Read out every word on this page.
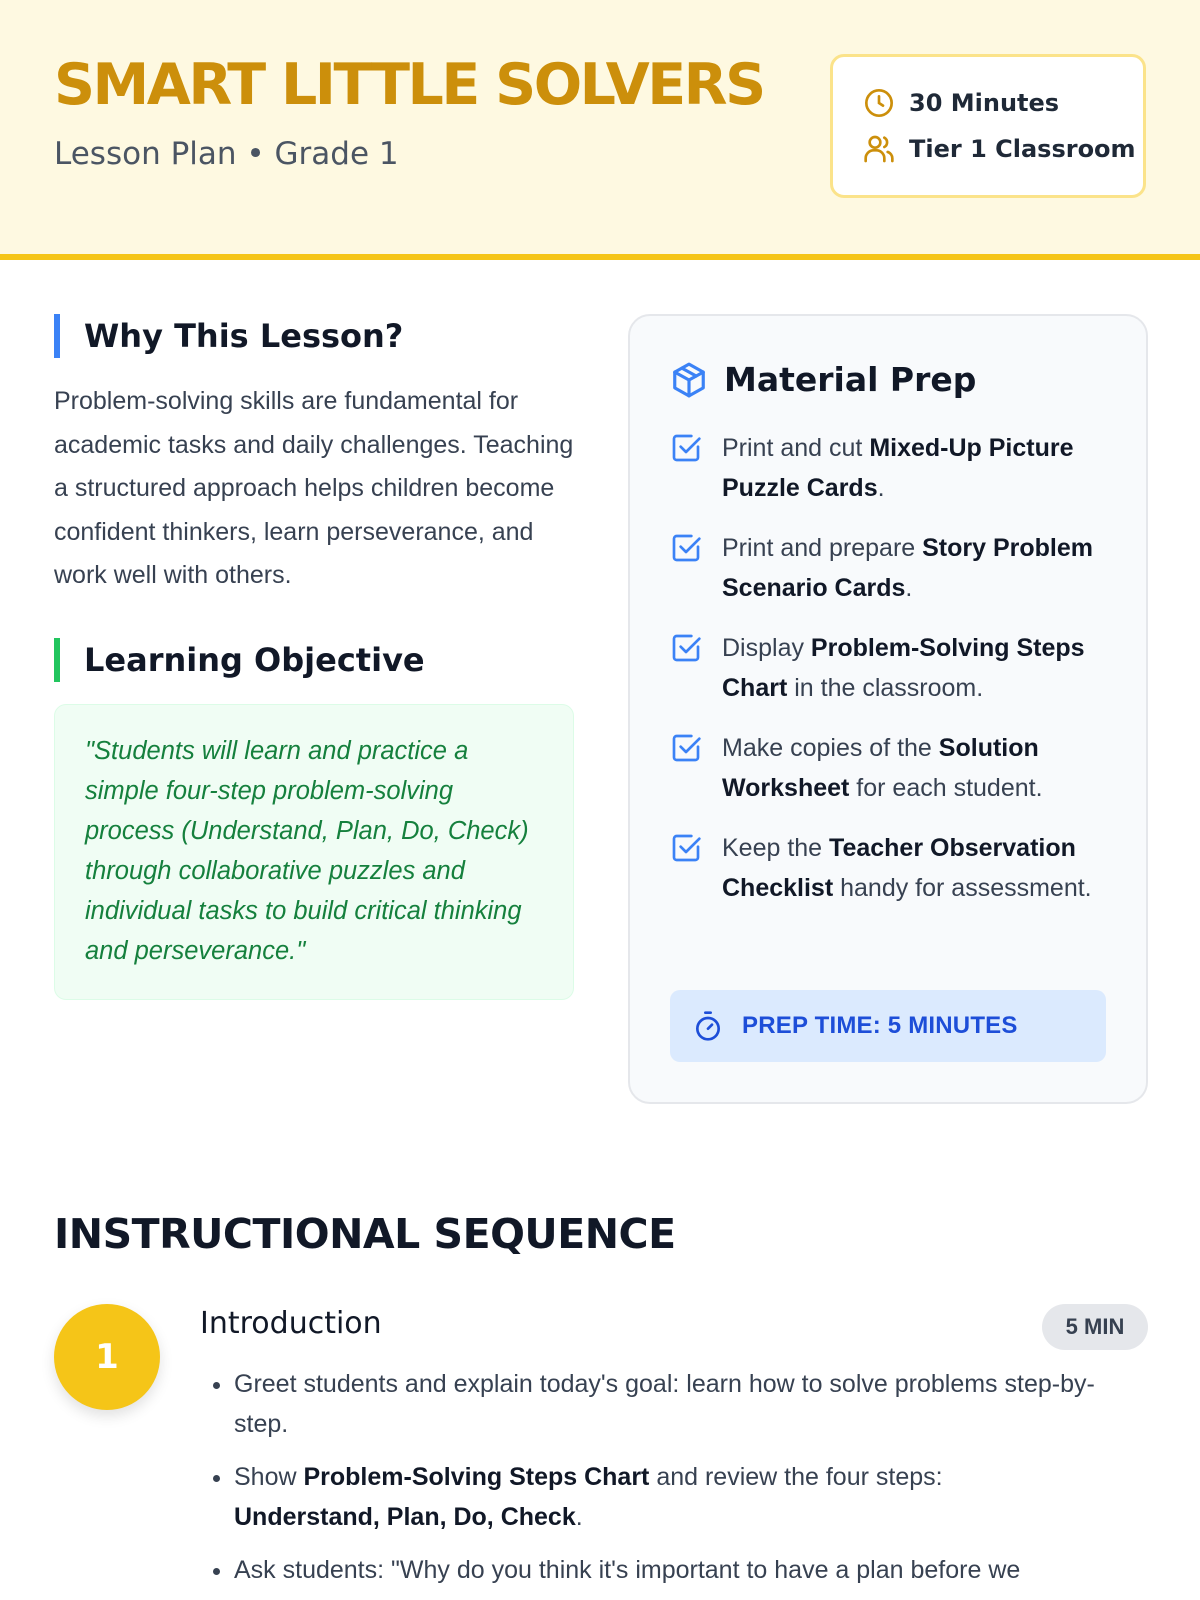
SMART LITTLE SOLVERS
Lesson Plan • Grade 1
30 Minutes
Tier 1 Classroom
Why This Lesson?

Problem-solving skills are fundamental for academic tasks and daily challenges. Teaching a structured approach helps children become confident thinkers, learn perseverance, and work well with others.

Learning Objective

"Students will learn and practice a simple four-step problem-solving process (Understand, Plan, Do, Check) through collaborative puzzles and individual tasks to build critical thinking and perseverance."

Material Prep
Print and cut Mixed-Up Picture Puzzle Cards.
Print and prepare Story Problem Scenario Cards.
Display Problem-Solving Steps Chart in the classroom.
Make copies of the Solution Worksheet for each student.
Keep the Teacher Observation Checklist handy for assessment.
PREP TIME: 5 MINUTES
INSTRUCTIONAL SEQUENCE
1
Introduction	5 MIN
• Greet students and explain today's goal: learn how to solve problems step-by-step.
• Show Problem-Solving Steps Chart and review the four steps:
Understand, Plan, Do, Check.
• Ask students: "Why do you think it's important to have a plan before we
